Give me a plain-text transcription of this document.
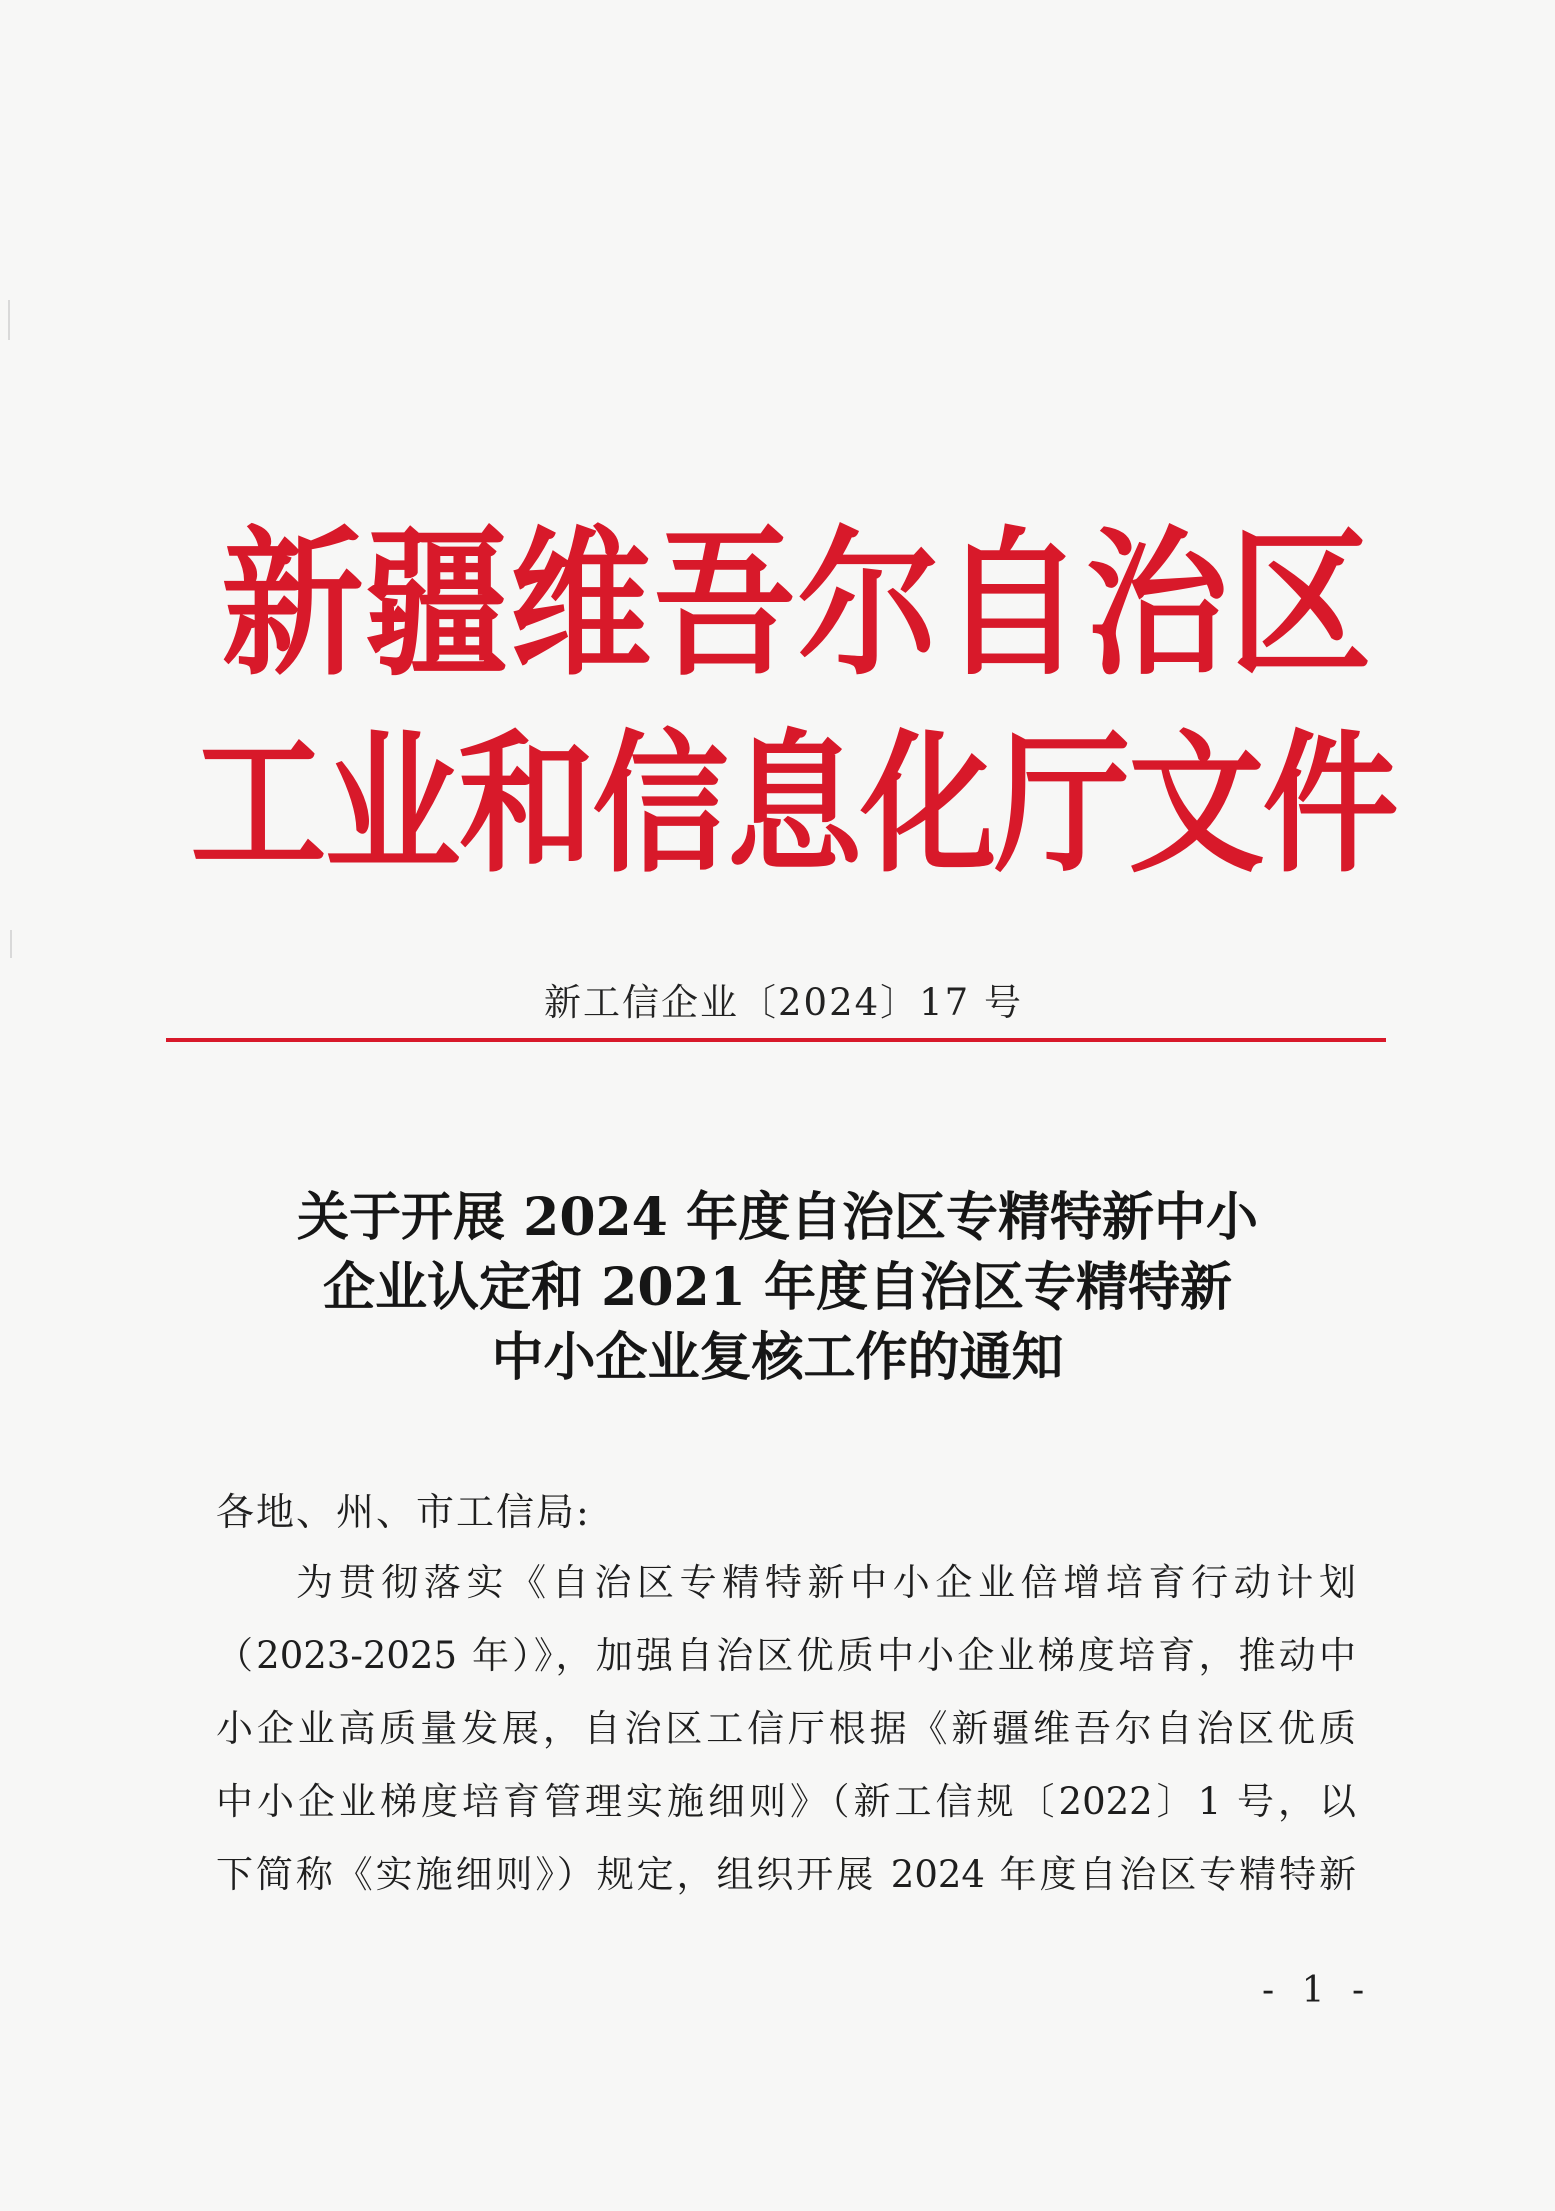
新疆维吾尔自治区
工业和信息化厅文件
新工信企业〔2024〕17 号
关于开展 2024 年度自治区专精特新中小
企业认定和 2021 年度自治区专精特新
中小企业复核工作的通知
各地、州、市工信局:
为贯彻落实《自治区专精特新中小企业倍增培育行动计划
（2023-2025 年）》，加强自治区优质中小企业梯度培育，推动中
小企业高质量发展，自治区工信厅根据《新疆维吾尔自治区优质
中小企业梯度培育管理实施细则》（新工信规〔2022〕1 号，以
下简称《实施细则》）规定，组织开展 2024 年度自治区专精特新
- 1 -
